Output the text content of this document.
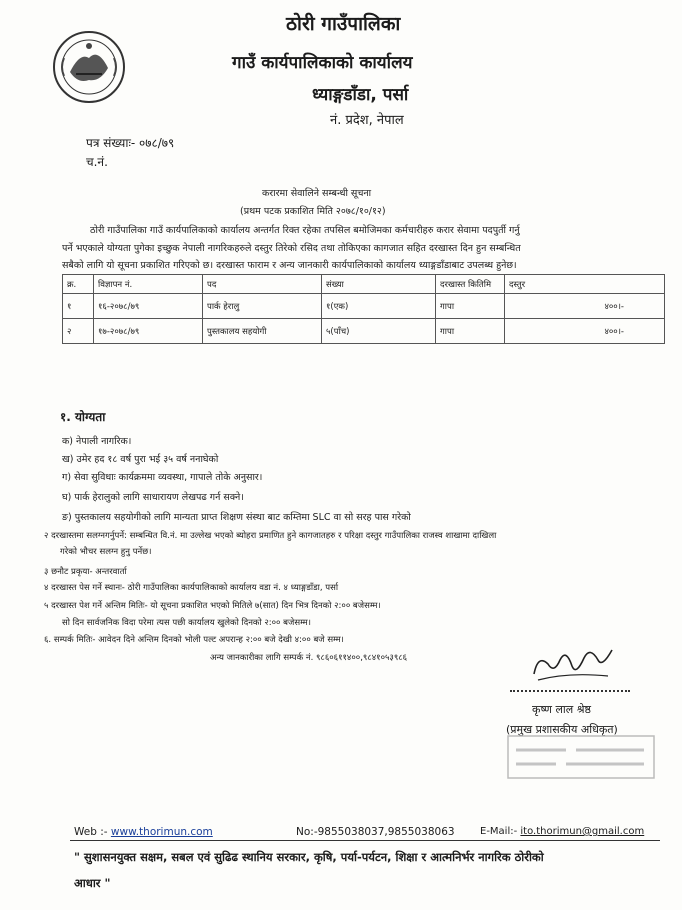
ठोरी गाउँपालिका
गाउँ कार्यपालिकाको कार्यालय
ध्याङ्गडाँडा, पर्सा
नं. प्रदेश, नेपाल
पत्र संख्याः- ०७८/७९
च.नं.
करारमा सेवालिने सम्बन्धी सूचना
(प्रथम पटक प्रकाशित मिति २०७८/१०/१२)
ठोरी गाउँपालिका गाउँ कार्यपालिकाको कार्यालय अन्तर्गत रिक्त रहेका तपसिल बमोजिमका कर्मचारीहरु करार सेवामा पदपुर्ती गर्नु
पर्ने भएकाले योग्यता पुगेका इच्छुक नेपाली नागरिकहरुले दस्तुर तिरेको रसिद तथा तोकिएका कागजात सहित दरखास्त दिन हुन सम्बन्धित
सबैको लागि यो सूचना प्रकाशित गरिएको छ। दरखास्त फाराम र अन्य जानकारी कार्यपालिकाको कार्यालय ध्याङ्गडाँडाबाट उपलब्ध हुनेछ।
क्र.	विज्ञापन नं.	पद	संख्या	दरखास्त कितिमि	दस्तुर
१	१६-२०७८/७९	पार्क हेरालु	१(एक)	गापा	४००।-
२	१७-२०७८/७९	पुस्तकालय सहयोगी	५(पाँच)	गापा	४००।-
१. योग्यता
क) नेपाली नागरिक।
ख) उमेर हद १८ वर्ष पुरा भई ३५ वर्ष ननाघेको
ग) सेवा सुविधाः कार्यक्रममा व्यवस्था, गापाले तोके अनुसार।
घ) पार्क हेरालुको लागि साधारायण लेखपढ गर्न सक्ने।
ङ) पुस्तकालय सहयोगीको लागि मान्यता प्राप्त शिक्षण संस्था बाट कम्तिमा SLC वा सो सरह पास गरेको
२ दरखास्तमा सलग्नगर्नुपर्ने: सम्बन्धित वि.नं. मा उल्लेख भएको ब्योहरा प्रमाणित हुने कागजातहरु र परिक्षा दस्तुर गाउँपालिका राजस्व शाखामा दाखिला
गरेको भौचर सलग्न हुनु पर्नेछ।
३ छनौट प्रकृया- अन्तरवार्ता
४ दरखास्त पेस गर्ने स्थानः- ठोरी गाउँपालिका कार्यपालिकाको कार्यालय वडा नं. ४ ध्याङ्गडाँडा, पर्सा
५ दरखास्त पेश गर्ने अन्तिम मितिः- यो सूचना प्रकाशित भएको मितिले ७(सात) दिन भित्र दिनको २:०० बजेसम्म।
सो दिन सार्वजनिक विदा परेमा त्यस पछी कार्यालय खुलेको दिनको २:०० बजेसम्म।
६. सम्पर्क मितिः- आवेदन दिने अन्तिम दिनको भोली पल्ट अपरान्ह २:०० बजे देखी ४:०० बजे सम्म।
अन्य जानकारीका लागि सम्पर्क नं. ९८६०६११४००,९८४१०५३९८६
कृष्ण लाल श्रेष्ठ
(प्रमुख प्रशासकीय अधिकृत)
Web :- www.thorimun.com	No:-9855038037,9855038063	E-Mail:- ito.thorimun@gmail.com
" सुशासनयुक्त सक्षम, सबल एवं सुढिढ स्थानिय सरकार, कृषि, पर्या-पर्यटन, शिक्षा र आत्मनिर्भर नागरिक ठोरीको
आधार "
